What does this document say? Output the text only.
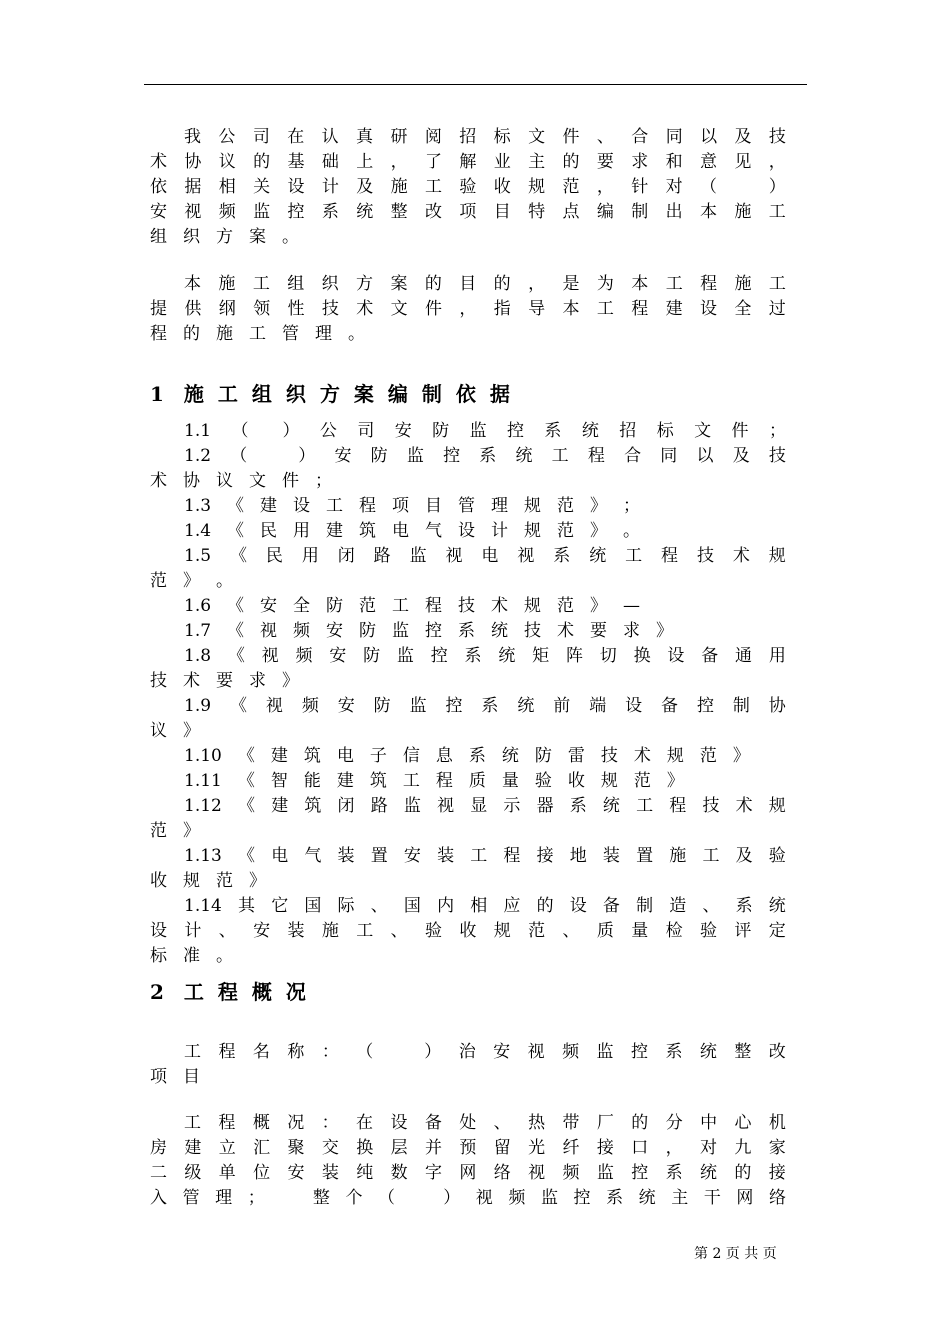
1 施工组织方案编制依据
2 工程概况
我 公 司 在 认 真 研 阅 招 标 文 件 、 合 同 以 及 技
术 协 议 的 基 础 上 ， 了 解 业 主 的 要 求 和 意 见 ，
依 据 相 关 设 计 及 施 工 验 收 规 范 ， 针 对 （
　	）
安 视 频 监 控 系 统 整 改 项 目 特 点 编 制 出 本 施 工
组 织 方 案 。
本 施 工 组 织 方 案 的 目 的 ， 是 为 本 工 程 施 工
提 供 纲 领 性 技 术 文 件 ， 指 导 本 工 程 建 设 全 过
程 的 施 工 管 理 。
1.1 （　　） 公 司 安 防 监 控 系 统 招 标 文 件 ；
1.2 （　　　） 安 防 监 控 系 统 工 程 合 同 以 及 技
术 协 议 文 件 ；
1.3 《 建 设 工 程 项 目 管 理 规 范 》 ；
1.4 《 民 用 建 筑 电 气 设 计 规 范 》 。
1.5 《 民 用 闭 路 监 视 电 视 系 统 工 程 技 术 规
范 》 。
1.6 《 安 全 防 范 工 程 技 术 规 范 》 —
1.7 《 视 频 安 防 监 控 系 统 技 术 要 求 》
1.8 《 视 频 安 防 监 控 系 统 矩 阵 切 换 设 备 通 用
技 术 要 求 》
1.9 《 视 频 安 防 监 控 系 统 前 端 设 备 控 制 协
议 》
1.10 《 建 筑 电 子 信 息 系 统 防 雷 技 术 规 范 》
1.11 《 智 能 建 筑 工 程 质 量 验 收 规 范 》
1.12 《 建 筑 闭 路 监 视 显 示 器 系 统 工 程 技 术 规
范 》
1.13 《 电 气 装 置 安 装 工 程 接 地 装 置 施 工 及 验
收 规 范 》
1.14 其 它 国 际 、 国 内 相 应 的 设 备 制 造 、 系 统
设 计 、 安 装 施 工 、 验 收 规 范 、 质 量 检 验 评 定
标 准 。
工 程 名 称 ： （　　　） 治 安 视 频 监 控 系 统 整 改
项 目
工 程 概 况 ： 在 设 备 处 、 热 带 厂 的 分 中 心 机
房 建 立 汇 聚 交 换 层 并 预 留 光 纤 接 口 ， 对 九 家
二 级 单 位 安 装 纯 数 字 网 络 视 频 监 控 系 统 的 接
入 管 理 ；
　	整 个 （
　	） 视 频 监 控 系 统 主 干 网 络
第 2 页 共 页
